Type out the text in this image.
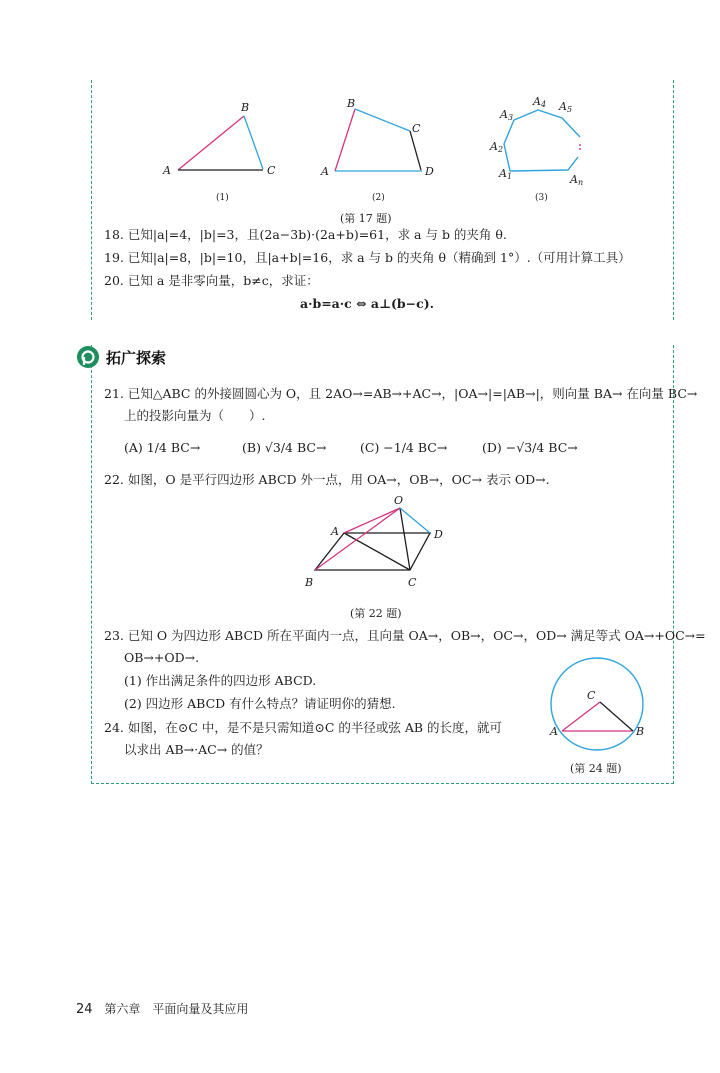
A
B
C
(1)
A
B
C
D
(2)
A3
A4 A5
A2
A1	An
(3)
(第 17 题)
18. 已知|a|=4，|b|=3，且(2a−3b)·(2a+b)=61，求 a 与 b 的夹角 θ.
19. 已知|a|=8，|b|=10，且|a+b|=16，求 a 与 b 的夹角 θ（精确到 1°）.（可用计算工具）
20. 已知 a 是非零向量，b≠c，求证：
a·b=a·c ⇔ a⊥(b−c).
拓广探索
21. 已知△ABC 的外接圆圆心为 O，且 2AO→=AB→+AC→，|OA→|=|AB→|，则向量 BA→ 在向量 BC→
上的投影向量为（　　）.
(A) 1/4 BC→	(B) √3/4 BC→	(C) −1/4 BC→	(D) −√3/4 BC→
22. 如图，O 是平行四边形 ABCD 外一点，用 OA→，OB→，OC→ 表示 OD→.
O
A	D
B	C
(第 22 题)
23. 已知 O 为四边形 ABCD 所在平面内一点，且向量 OA→，OB→，OC→，OD→ 满足等式 OA→+OC→=
OB→+OD→.
(1) 作出满足条件的四边形 ABCD.
(2) 四边形 ABCD 有什么特点？请证明你的猜想.
24. 如图，在⊙C 中，是不是只需知道⊙C 的半径或弦 AB 的长度，就可
以求出 AB→·AC→ 的值？
C
A	B
(第 24 题)
24 第六章　平面向量及其应用
